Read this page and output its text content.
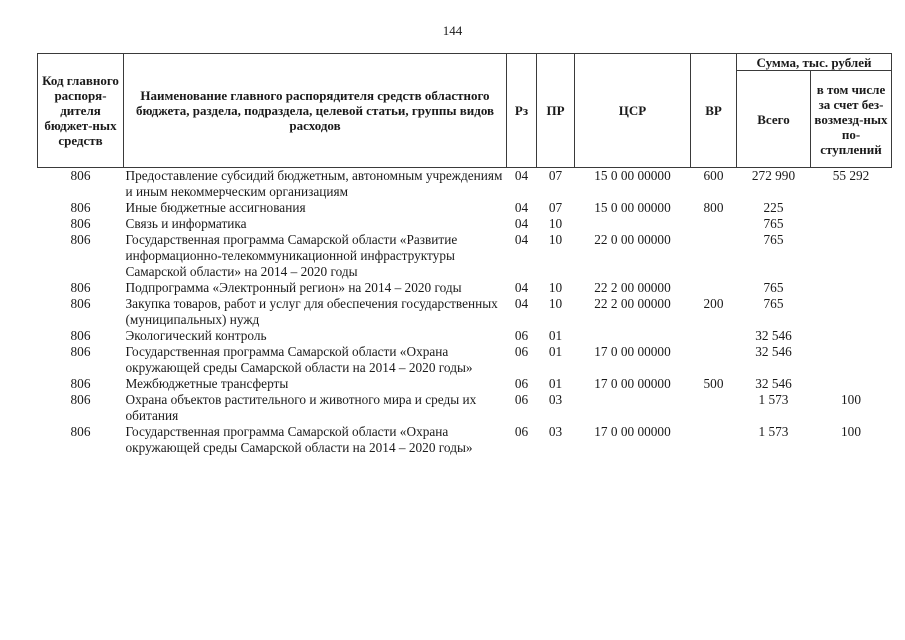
144
Код главного распоря-дителя бюджет-ных средств	Наименование главного распорядителя средств областного бюджета, раздела, подраздела, целевой статьи, группы видов расходов	Рз	ПР	ЦСР	ВР	Сумма, тыс. рублей	
						Всего	в том числе за счет без-возмезд-ных по-ступлений
806	Предоставление субсидий бюджетным, автономным учреждениям и иным некоммерческим организациям	04	07	15 0 00 00000	600	272 990	55 292
806	Иные бюджетные ассигнования	04	07	15 0 00 00000	800	225	
806	Связь и информатика	04	10			765	
806	Государственная программа Самарской области «Развитие информационно-телекоммуникационной инфраструктуры Самарской области» на 2014 – 2020 годы	04	10	22 0 00 00000		765	
806	Подпрограмма «Электронный регион» на 2014 – 2020 годы	04	10	22 2 00 00000		765	
806	Закупка товаров, работ и услуг для обеспечения государственных (муниципальных) нужд	04	10	22 2 00 00000	200	765	
806	Экологический контроль	06	01			32 546	
806	Государственная программа Самарской области «Охрана окружающей среды Самарской области на 2014 – 2020 годы»	06	01	17 0 00 00000		32 546	
806	Межбюджетные трансферты	06	01	17 0 00 00000	500	32 546	
806	Охрана объектов растительного и животного мира и среды их обитания	06	03			1 573	100
806	Государственная программа Самарской области «Охрана окружающей среды Самарской области на 2014 – 2020 годы»	06	03	17 0 00 00000		1 573	100
